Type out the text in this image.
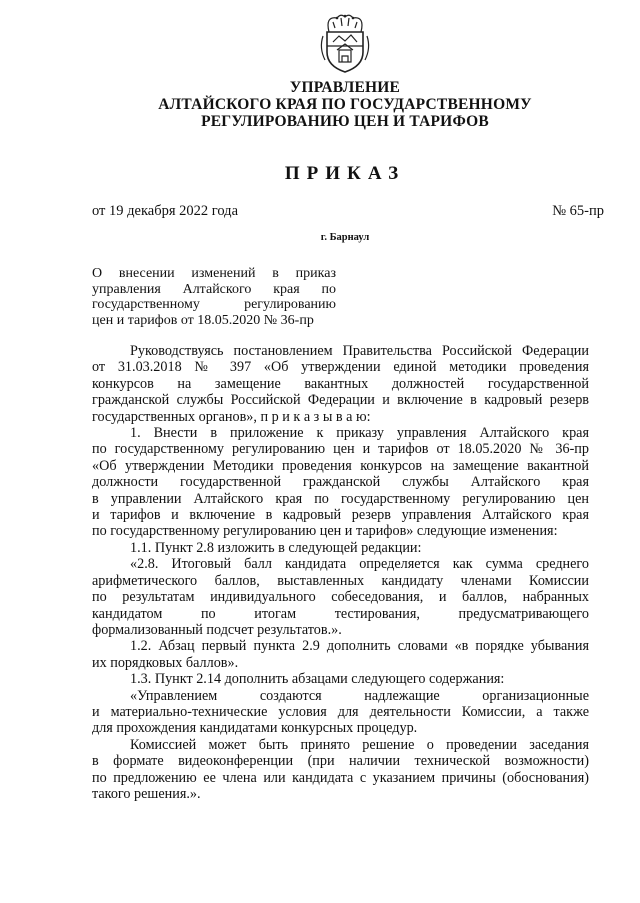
УПРАВЛЕНИЕ
АЛТАЙСКОГО КРАЯ ПО ГОСУДАРСТВЕННОМУ
РЕГУЛИРОВАНИЮ ЦЕН И ТАРИФОВ
ПРИКАЗ
от 19 декабря 2022 года	№ 65-пр
г. Барнаул
О внесении изменений в приказ
управления Алтайского края по
государственному регулированию
цен и тарифов от 18.05.2020 № 36-пр
Руководствуясь постановлением Правительства Российской Федерации
от 31.03.2018 № 397 «Об утверждении единой методики проведения
конкурсов на замещение вакантных должностей государственной
гражданской службы Российской Федерации и включение в кадровый резерв
государственных органов», п р и к а з ы в а ю:
1. Внести в приложение к приказу управления Алтайского края
по государственному регулированию цен и тарифов от 18.05.2020 № 36-пр
«Об утверждении Методики проведения конкурсов на замещение вакантной
должности государственной гражданской службы Алтайского края
в управлении Алтайского края по государственному регулированию цен
и тарифов и включение в кадровый резерв управления Алтайского края
по государственному регулированию цен и тарифов» следующие изменения:
1.1. Пункт 2.8 изложить в следующей редакции:
«2.8. Итоговый балл кандидата определяется как сумма среднего
арифметического баллов, выставленных кандидату членами Комиссии
по результатам индивидуального собеседования, и баллов, набранных
кандидатом по итогам тестирования, предусматривающего
формализованный подсчет результатов.».
1.2. Абзац первый пункта 2.9 дополнить словами «в порядке убывания
их порядковых баллов».
1.3. Пункт 2.14 дополнить абзацами следующего содержания:
«Управлением создаются надлежащие организационные
и материально-технические условия для деятельности Комиссии, а также
для прохождения кандидатами конкурсных процедур.
Комиссией может быть принято решение о проведении заседания
в формате видеоконференции (при наличии технической возможности)
по предложению ее члена или кандидата с указанием причины (обоснования)
такого решения.».
